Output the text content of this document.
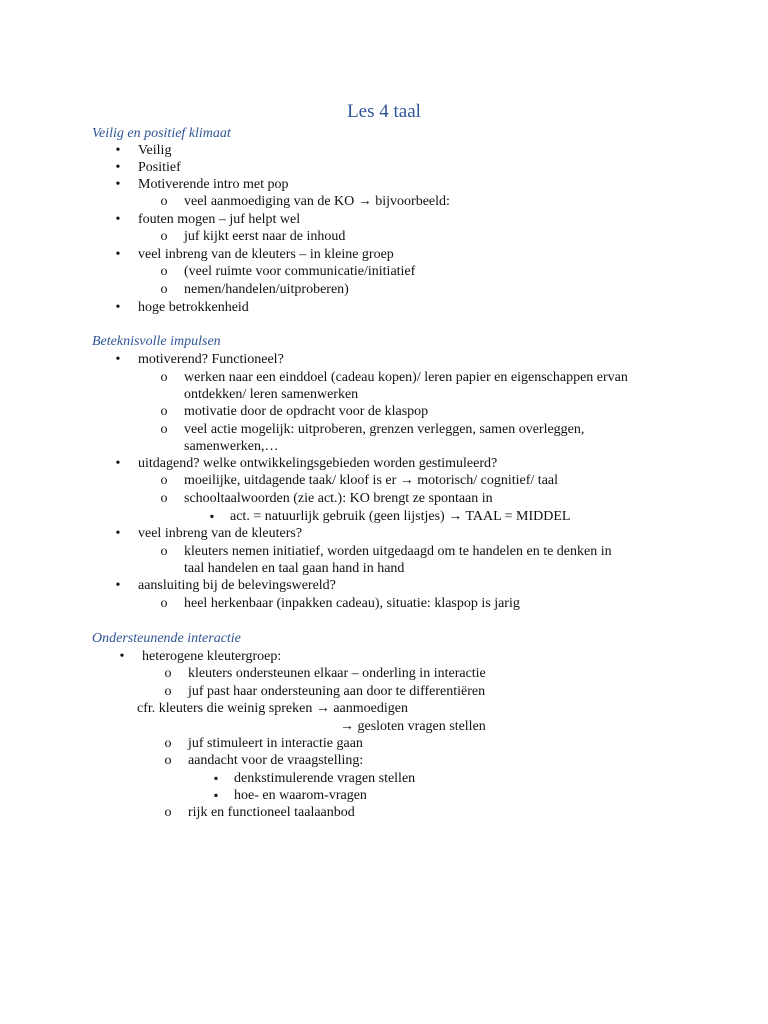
Les 4 taal
Veilig en positief klimaat
•
Veilig
•
Positief
•
Motiverende intro met pop
o
veel aanmoediging van de KO → bijvoorbeeld:
•
fouten mogen – juf helpt wel
o
juf kijkt eerst naar de inhoud
•
veel inbreng van de kleuters – in kleine groep
o
(veel ruimte voor communicatie/initiatief
o
nemen/handelen/uitproberen)
•
hoge betrokkenheid
Beteknisvolle impulsen
•
motiverend? Functioneel?
o
werken naar een einddoel (cadeau kopen)/ leren papier en eigenschappen ervan
ontdekken/ leren samenwerken
o
motivatie door de opdracht voor de klaspop
o
veel actie mogelijk: uitproberen, grenzen verleggen, samen overleggen,
samenwerken,…
•
uitdagend? welke ontwikkelingsgebieden worden gestimuleerd?
o
moeilijke, uitdagende taak/ kloof is er → motorisch/ cognitief/ taal
o
schooltaalwoorden (zie act.): KO brengt ze spontaan in
▪
act. = natuurlijk gebruik (geen lijstjes) → TAAL = MIDDEL
•
veel inbreng van de kleuters?
o
kleuters nemen initiatief, worden uitgedaagd om te handelen en te denken in
taal handelen en taal gaan hand in hand
•
aansluiting bij de belevingswereld?
o
heel herkenbaar (inpakken cadeau), situatie: klaspop is jarig
Ondersteunende interactie
•
heterogene kleutergroep:
o
kleuters ondersteunen elkaar – onderling in interactie
o
juf past haar ondersteuning aan door te differentiëren
cfr. kleuters die weinig spreken → aanmoedigen
→ gesloten vragen stellen
o
juf stimuleert in interactie gaan
o
aandacht voor de vraagstelling:
▪
denkstimulerende vragen stellen
▪
hoe- en waarom-vragen
o
rijk en functioneel taalaanbod
